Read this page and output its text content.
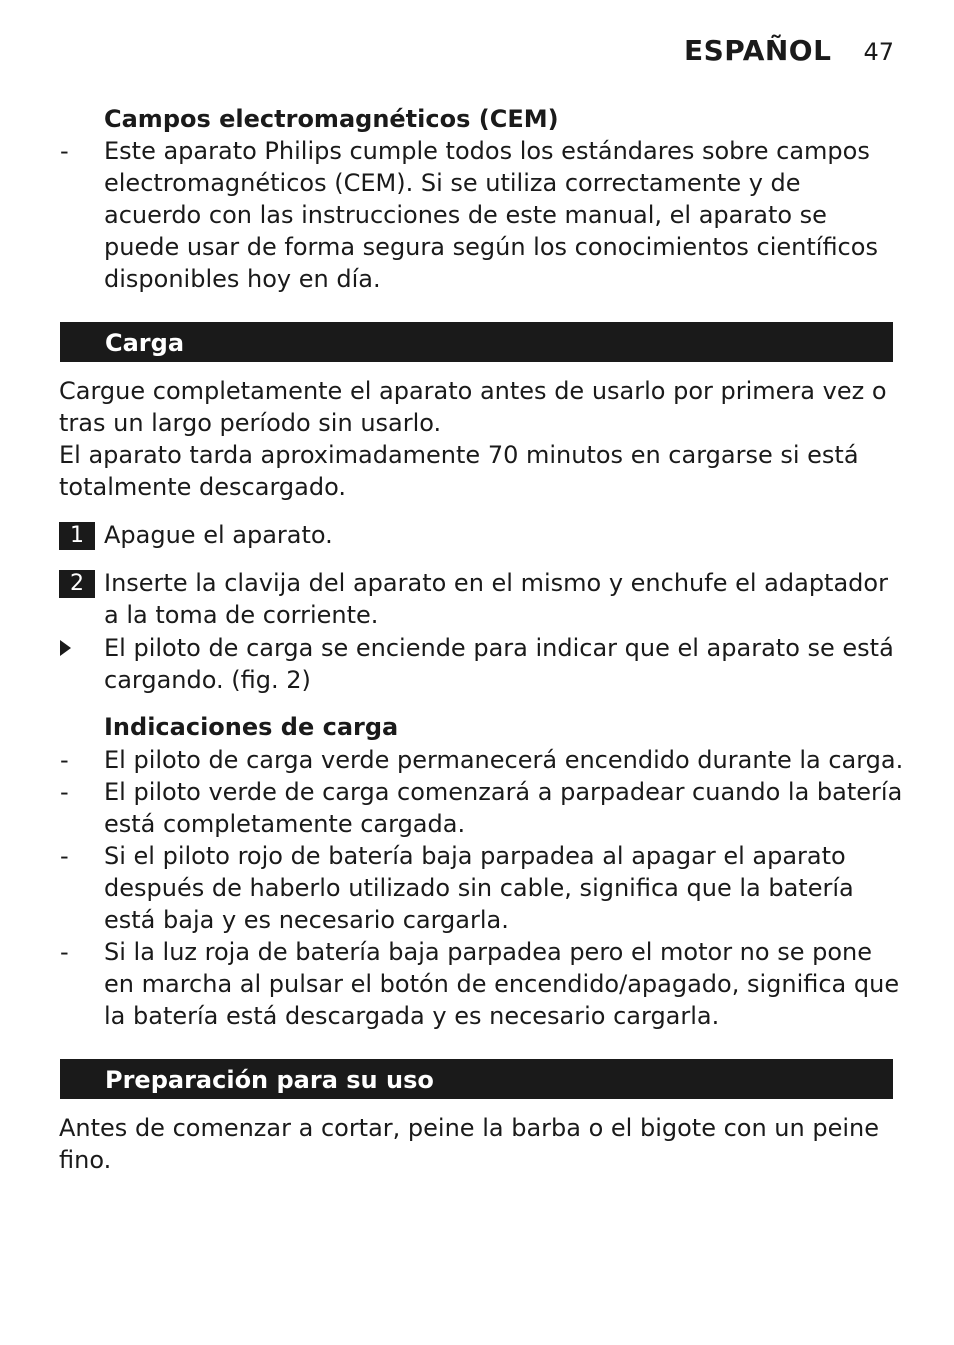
ESPAÑOL 47
Campos electromagnéticos (CEM)
- Este aparato Philips cumple todos los estándares sobre campos electromagnéticos (CEM). Si se utiliza correctamente y de acuerdo con las instrucciones de este manual, el aparato se puede usar de forma segura según los conocimientos científicos disponibles hoy en día.
Carga
Cargue completamente el aparato antes de usarlo por primera vez o tras un largo período sin usarlo.
El aparato tarda aproximadamente 70 minutos en cargarse si está totalmente descargado.
1 Apague el aparato.
2 Inserte la clavija del aparato en el mismo y enchufe el adaptador a la toma de corriente.
El piloto de carga se enciende para indicar que el aparato se está cargando. (fig. 2)
Indicaciones de carga
- El piloto de carga verde permanecerá encendido durante la carga.
- El piloto verde de carga comenzará a parpadear cuando la batería está completamente cargada.
- Si el piloto rojo de batería baja parpadea al apagar el aparato después de haberlo utilizado sin cable, significa que la batería está baja y es necesario cargarla.
- Si la luz roja de batería baja parpadea pero el motor no se pone en marcha al pulsar el botón de encendido/apagado, significa que la batería está descargada y es necesario cargarla.
Preparación para su uso
Antes de comenzar a cortar, peine la barba o el bigote con un peine fino.
